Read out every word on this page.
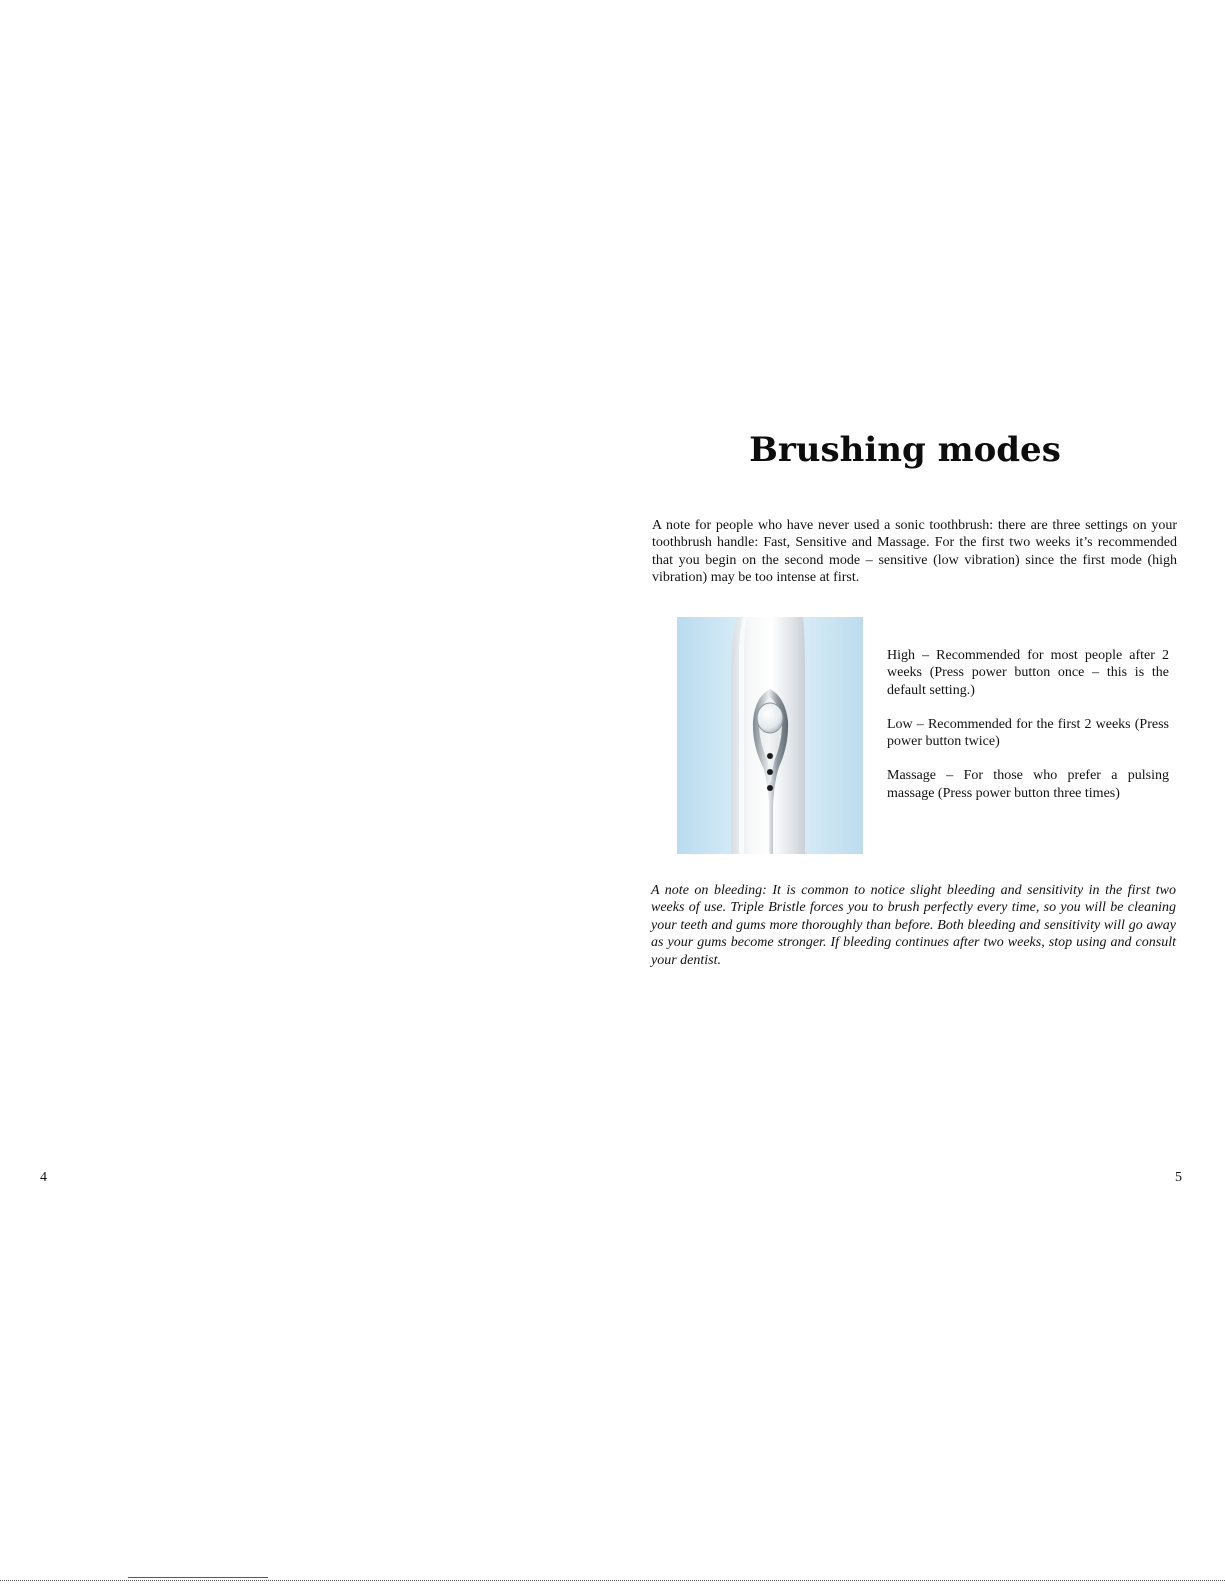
Brushing modes

A note for people who have never used a sonic toothbrush: there are three settings on your toothbrush handle: Fast, Sensitive and Massage. For the first two weeks it’s recommended that you begin on the second mode – sensitive (low vibration) since the first mode (high vibration) may be too intense at first.

High – Recommended for most people after 2 weeks (Press power button once – this is the default setting.)

Low – Recommended for the first 2 weeks (Press power button twice)

Massage – For those who prefer a pulsing massage (Press power button three times)

A note on bleeding: It is common to notice slight bleeding and sensitivity in the first two weeks of use. Triple Bristle forces you to brush perfectly every time, so you will be cleaning your teeth and gums more thoroughly than before. Both bleeding and sensitivity will go away as your gums become stronger. If bleeding continues after two weeks, stop using and consult your dentist.

4	5
